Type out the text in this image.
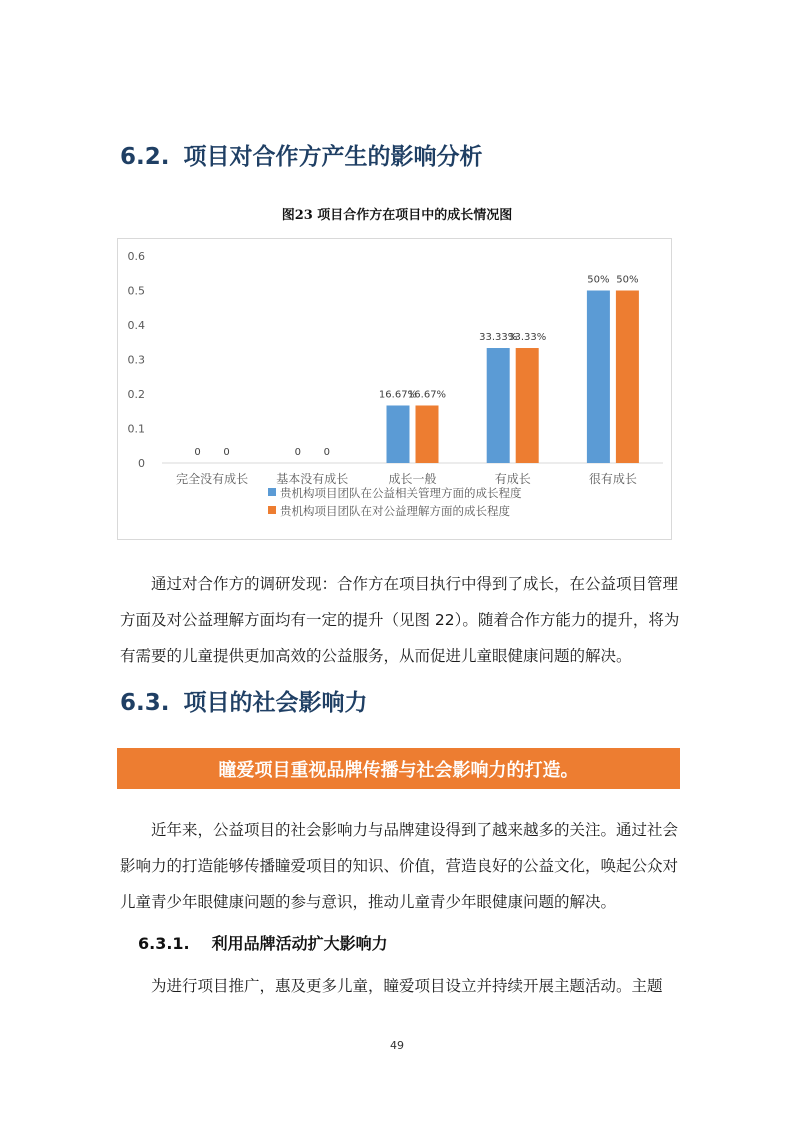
6.2. 项目对合作方产生的影响分析
图23 项目合作方在项目中的成长情况图
0
0.1
0.2
0.3
0.4
0.5
0.6
0 0
完全没有成长
0 0
基本没有成长
16.67%
16.67%
成长一般
33.33%
33.33%
有成长
50% 50%
很有成长
贵机构项目团队在公益相关管理方面的成长程度
贵机构项目团队在对公益理解方面的成长程度

通过对合作方的调研发现：合作方在项目执行中得到了成长，在公益项目管理方面及对公益理解方面均有一定的提升（见图 22）。随着合作方能力的提升，将为有需要的儿童提供更加高效的公益服务，从而促进儿童眼健康问题的解决。

6.3. 项目的社会影响力
瞳爱项目重视品牌传播与社会影响力的打造。

近年来，公益项目的社会影响力与品牌建设得到了越来越多的关注。通过社会影响力的打造能够传播瞳爱项目的知识、价值，营造良好的公益文化，唤起公众对儿童青少年眼健康问题的参与意识，推动儿童青少年眼健康问题的解决。

6.3.1. 利用品牌活动扩大影响力

为进行项目推广，惠及更多儿童，瞳爱项目设立并持续开展主题活动。主题

49
